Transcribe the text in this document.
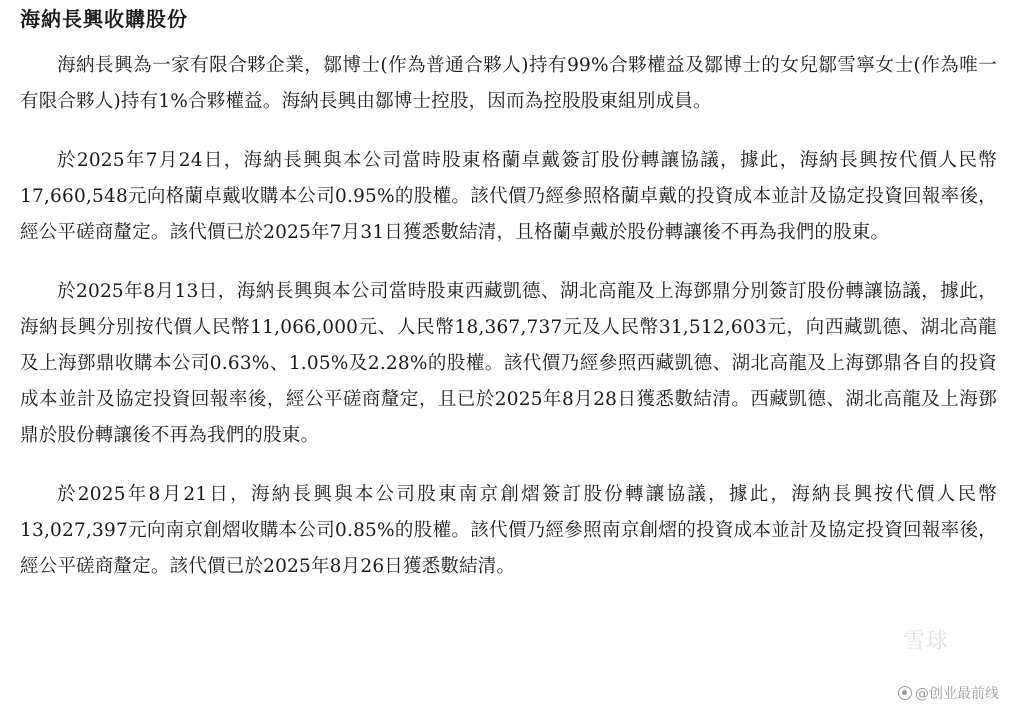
海納長興收購股份

海納長興為一家有限合夥企業，鄒博士(作為普通合夥人)持有99%合夥權益及鄒博士的女兒鄒雪寧女士(作為唯一有限合夥人)持有1%合夥權益。海納長興由鄒博士控股，因而為控股股東組別成員。

於2025年7月24日，海納長興與本公司當時股東格蘭卓戴簽訂股份轉讓協議，據此，海納長興按代價人民幣17,660,548元向格蘭卓戴收購本公司0.95%的股權。該代價乃經參照格蘭卓戴的投資成本並計及協定投資回報率後，經公平磋商釐定。該代價已於2025年7月31日獲悉數結清，且格蘭卓戴於股份轉讓後不再為我們的股東。

於2025年8月13日，海納長興與本公司當時股東西藏凱德、湖北高龍及上海鄧鼎分別簽訂股份轉讓協議，據此，海納長興分別按代價人民幣11,066,000元、人民幣18,367,737元及人民幣31,512,603元，向西藏凱德、湖北高龍及上海鄧鼎收購本公司0.63%、1.05%及2.28%的股權。該代價乃經參照西藏凱德、湖北高龍及上海鄧鼎各自的投資成本並計及協定投資回報率後，經公平磋商釐定，且已於2025年8月28日獲悉數結清。西藏凱德、湖北高龍及上海鄧鼎於股份轉讓後不再為我們的股東。

於2025年8月21日，海納長興與本公司股東南京創熠簽訂股份轉讓協議，據此，海納長興按代價人民幣13,027,397元向南京創熠收購本公司0.85%的股權。該代價乃經參照南京創熠的投資成本並計及協定投資回報率後，經公平磋商釐定。該代價已於2025年8月26日獲悉數結清。

雪球
@创业最前线
